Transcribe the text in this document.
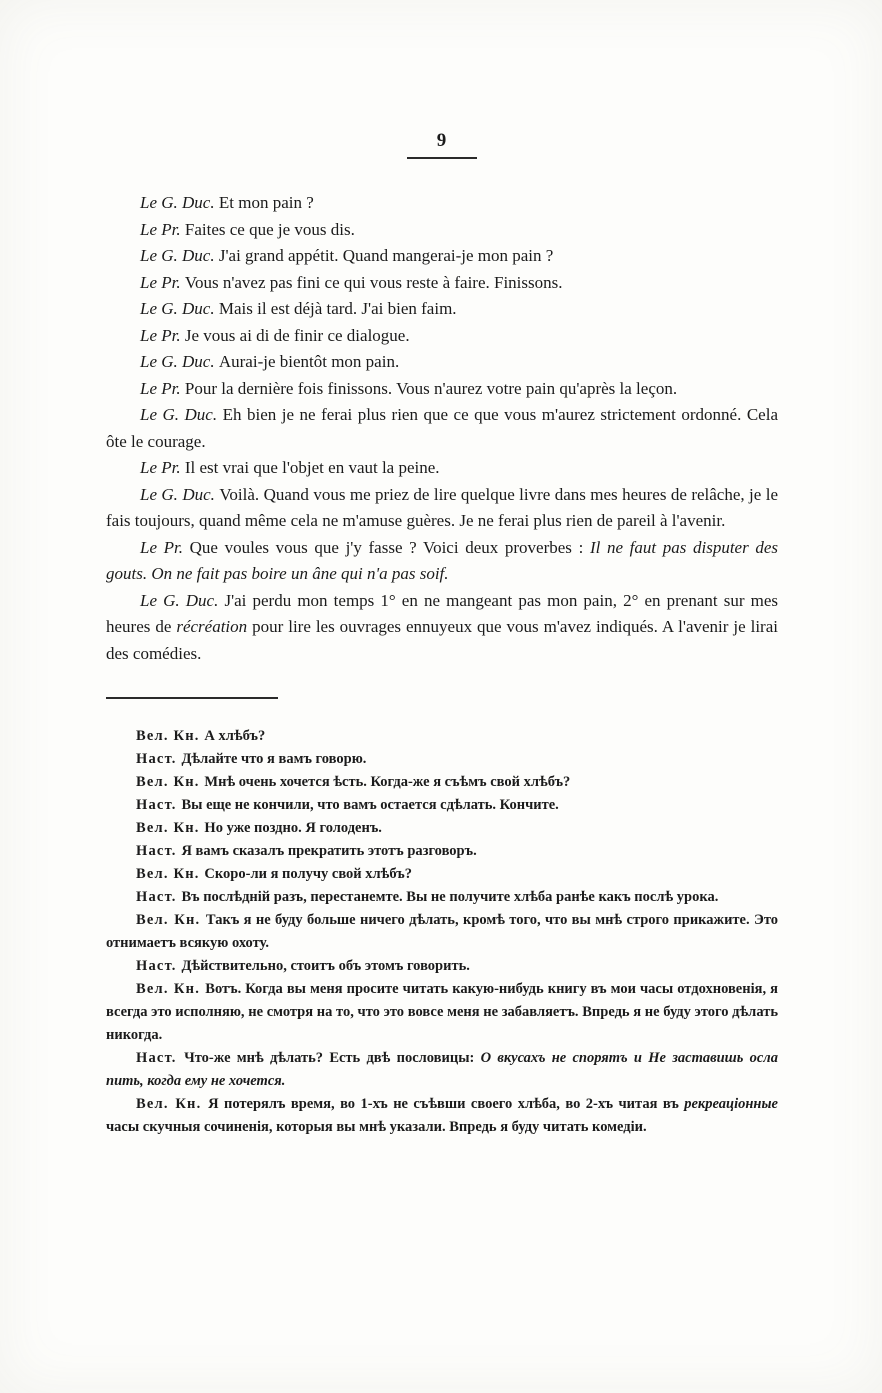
9

Le G. Duc. Et mon pain ?

Le Pr. Faites ce que je vous dis.

Le G. Duc. J'ai grand appétit. Quand mangerai-je mon pain ?

Le Pr. Vous n'avez pas fini ce qui vous reste à faire. Finissons.

Le G. Duc. Mais il est déjà tard. J'ai bien faim.

Le Pr. Je vous ai di de finir ce dialogue.

Le G. Duc. Aurai-je bientôt mon pain.

Le Pr. Pour la dernière fois finissons. Vous n'aurez votre pain qu'après la leçon.

Le G. Duc. Eh bien je ne ferai plus rien que ce que vous m'aurez strictement ordonné. Cela ôte le courage.

Le Pr. Il est vrai que l'objet en vaut la peine.

Le G. Duc. Voilà. Quand vous me priez de lire quelque livre dans mes heures de relâche, je le fais toujours, quand même cela ne m'amuse guères. Je ne ferai plus rien de pareil à l'avenir.

Le Pr. Que voules vous que j'y fasse ? Voici deux proverbes : Il ne faut pas disputer des gouts. On ne fait pas boire un âne qui n'a pas soif.

Le G. Duc. J'ai perdu mon temps 1° en ne mangeant pas mon pain, 2° en prenant sur mes heures de récréation pour lire les ouvrages ennuyeux que vous m'avez indiqués. A l'avenir je lirai des comédies.

Вел. Кн. А хлѣбъ?

Наст. Дѣлайте что я вамъ говорю.

Вел. Кн. Мнѣ очень хочется ѣсть. Когда-же я съѣмъ свой хлѣбъ?

Наст. Вы еще не кончили, что вамъ остается сдѣлать. Кончите.

Вел. Кн. Но уже поздно. Я голоденъ.

Наст. Я вамъ сказалъ прекратить этотъ разговоръ.

Вел. Кн. Скоро-ли я получу свой хлѣбъ?

Наст. Въ послѣдній разъ, перестанемте. Вы не получите хлѣба ранѣе какъ послѣ урока.

Вел. Кн. Такъ я не буду больше ничего дѣлать, кромѣ того, что вы мнѣ строго прикажите. Это отнимаетъ всякую охоту.

Наст. Дѣйствительно, стоитъ объ этомъ говорить.

Вел. Кн. Вотъ. Когда вы меня просите читать какую-нибудь книгу въ мои часы отдохновенія, я всегда это исполняю, не смотря на то, что это вовсе меня не забавляетъ. Впредь я не буду этого дѣлать никогда.

Наст. Что-же мнѣ дѣлать? Есть двѣ пословицы: О вкусахъ не спорятъ и Не заставишь осла пить, когда ему не хочется.

Вел. Кн. Я потерялъ время, во 1-хъ не съѣвши своего хлѣба, во 2-хъ читая въ рекреаціонные часы скучныя сочиненія, которыя вы мнѣ указали. Впредь я буду читать комедіи.
